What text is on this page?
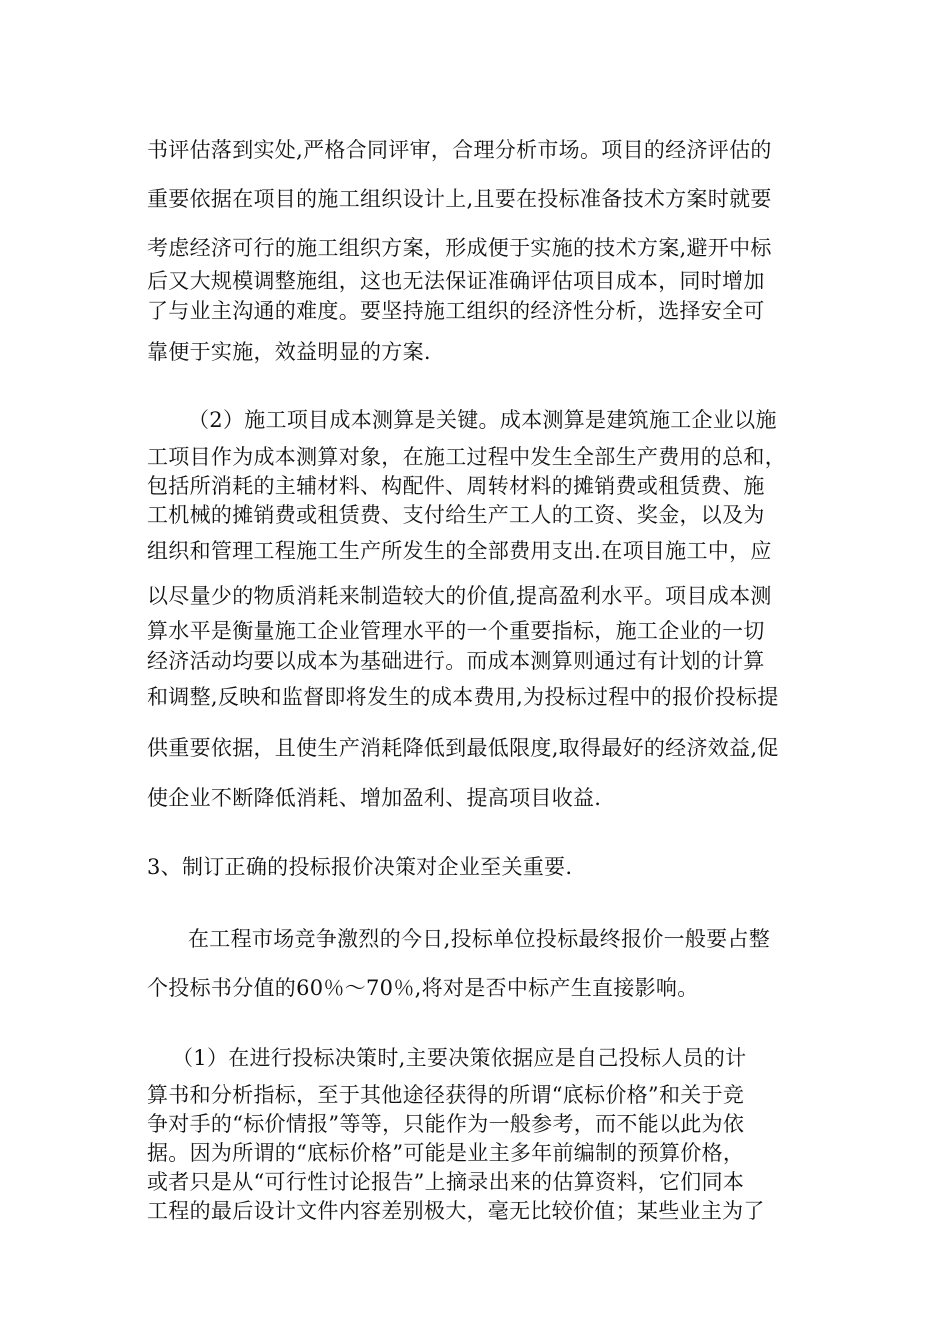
书评估落到实处,严格合同评审，合理分析市场。项目的经济评估的
重要依据在项目的施工组织设计上,且要在投标准备技术方案时就要
考虑经济可行的施工组织方案，形成便于实施的技术方案,避开中标
后又大规模调整施组，这也无法保证准确评估项目成本，同时增加
了与业主沟通的难度。要坚持施工组织的经济性分析，选择安全可
靠便于实施，效益明显的方案.
（2）施工项目成本测算是关键。成本测算是建筑施工企业以施
工项目作为成本测算对象，在施工过程中发生全部生产费用的总和，
包括所消耗的主辅材料、构配件、周转材料的摊销费或租赁费、施
工机械的摊销费或租赁费、支付给生产工人的工资、奖金，以及为
组织和管理工程施工生产所发生的全部费用支出.在项目施工中，应
以尽量少的物质消耗来制造较大的价值,提高盈利水平。项目成本测
算水平是衡量施工企业管理水平的一个重要指标，施工企业的一切
经济活动均要以成本为基础进行。而成本测算则通过有计划的计算
和调整,反映和监督即将发生的成本费用,为投标过程中的报价投标提
供重要依据，且使生产消耗降低到最低限度,取得最好的经济效益,促
使企业不断降低消耗、增加盈利、提高项目收益.
3、制订正确的投标报价决策对企业至关重要.
在工程市场竞争激烈的今日,投标单位投标最终报价一般要占整
个投标书分值的60％～70％,将对是否中标产生直接影响。
（1）在进行投标决策时,主要决策依据应是自己投标人员的计
算书和分析指标，至于其他途径获得的所谓“底标价格”和关于竞
争对手的“标价情报”等等，只能作为一般参考，而不能以此为依
据。因为所谓的“底标价格”可能是业主多年前编制的预算价格，
或者只是从“可行性讨论报告”上摘录出来的估算资料，它们同本
工程的最后设计文件内容差别极大，毫无比较价值；某些业主为了
